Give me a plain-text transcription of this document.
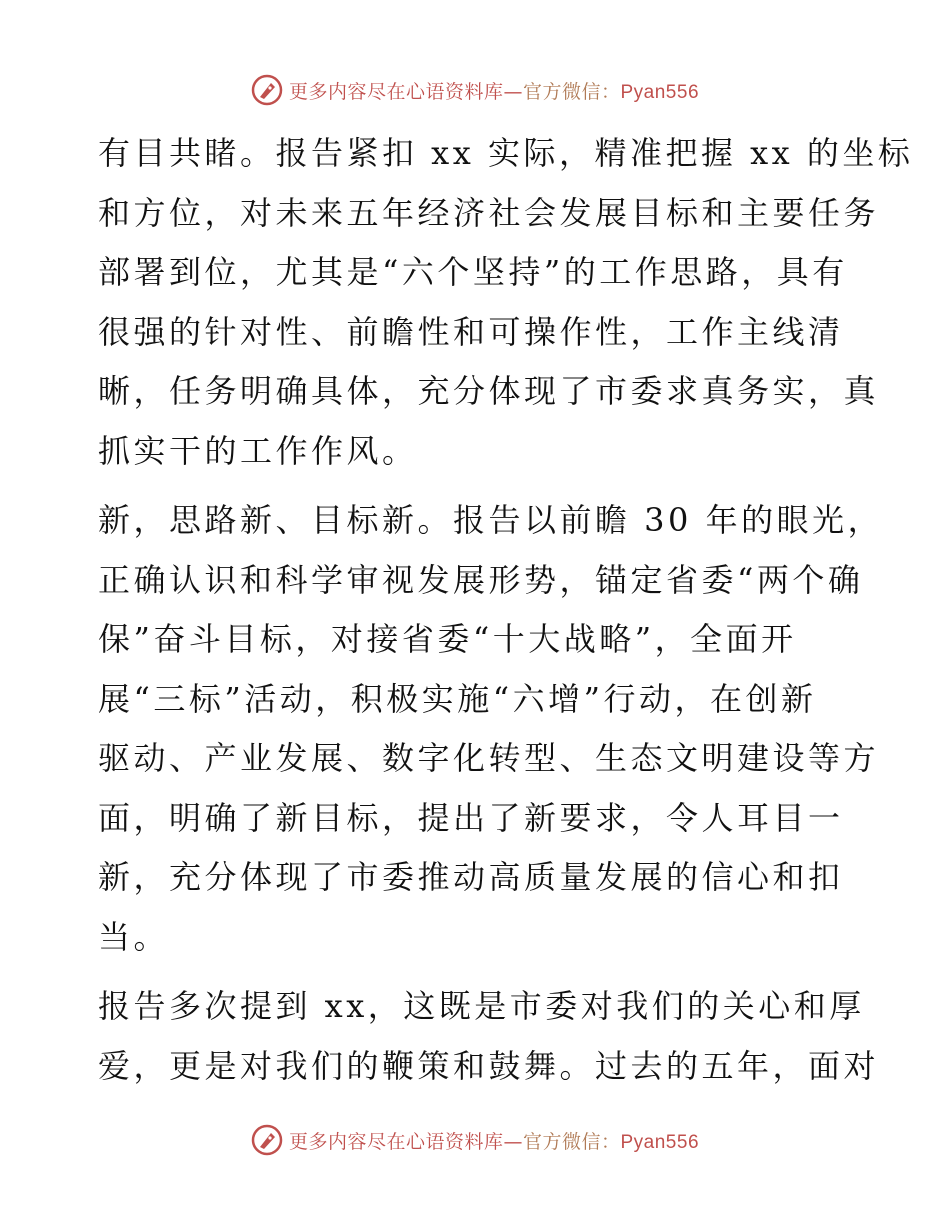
更多内容尽在心语资料库—官方微信：Pyan556

有目共睹。报告紧扣 xx 实际，精准把握 xx 的坐标
和方位，对未来五年经济社会发展目标和主要任务
部署到位，尤其是“六个坚持”的工作思路，具有
很强的针对性、前瞻性和可操作性，工作主线清
晰，任务明确具体，充分体现了市委求真务实，真
抓实干的工作作风。

新，思路新、目标新。报告以前瞻 30 年的眼光，
正确认识和科学审视发展形势，锚定省委“两个确
保”奋斗目标，对接省委“十大战略”，全面开
展“三标”活动，积极实施“六增”行动，在创新
驱动、产业发展、数字化转型、生态文明建设等方
面，明确了新目标，提出了新要求，令人耳目一
新，充分体现了市委推动高质量发展的信心和扣
当。

报告多次提到 xx，这既是市委对我们的关心和厚
爱，更是对我们的鞭策和鼓舞。过去的五年，面对

更多内容尽在心语资料库—官方微信：Pyan556
